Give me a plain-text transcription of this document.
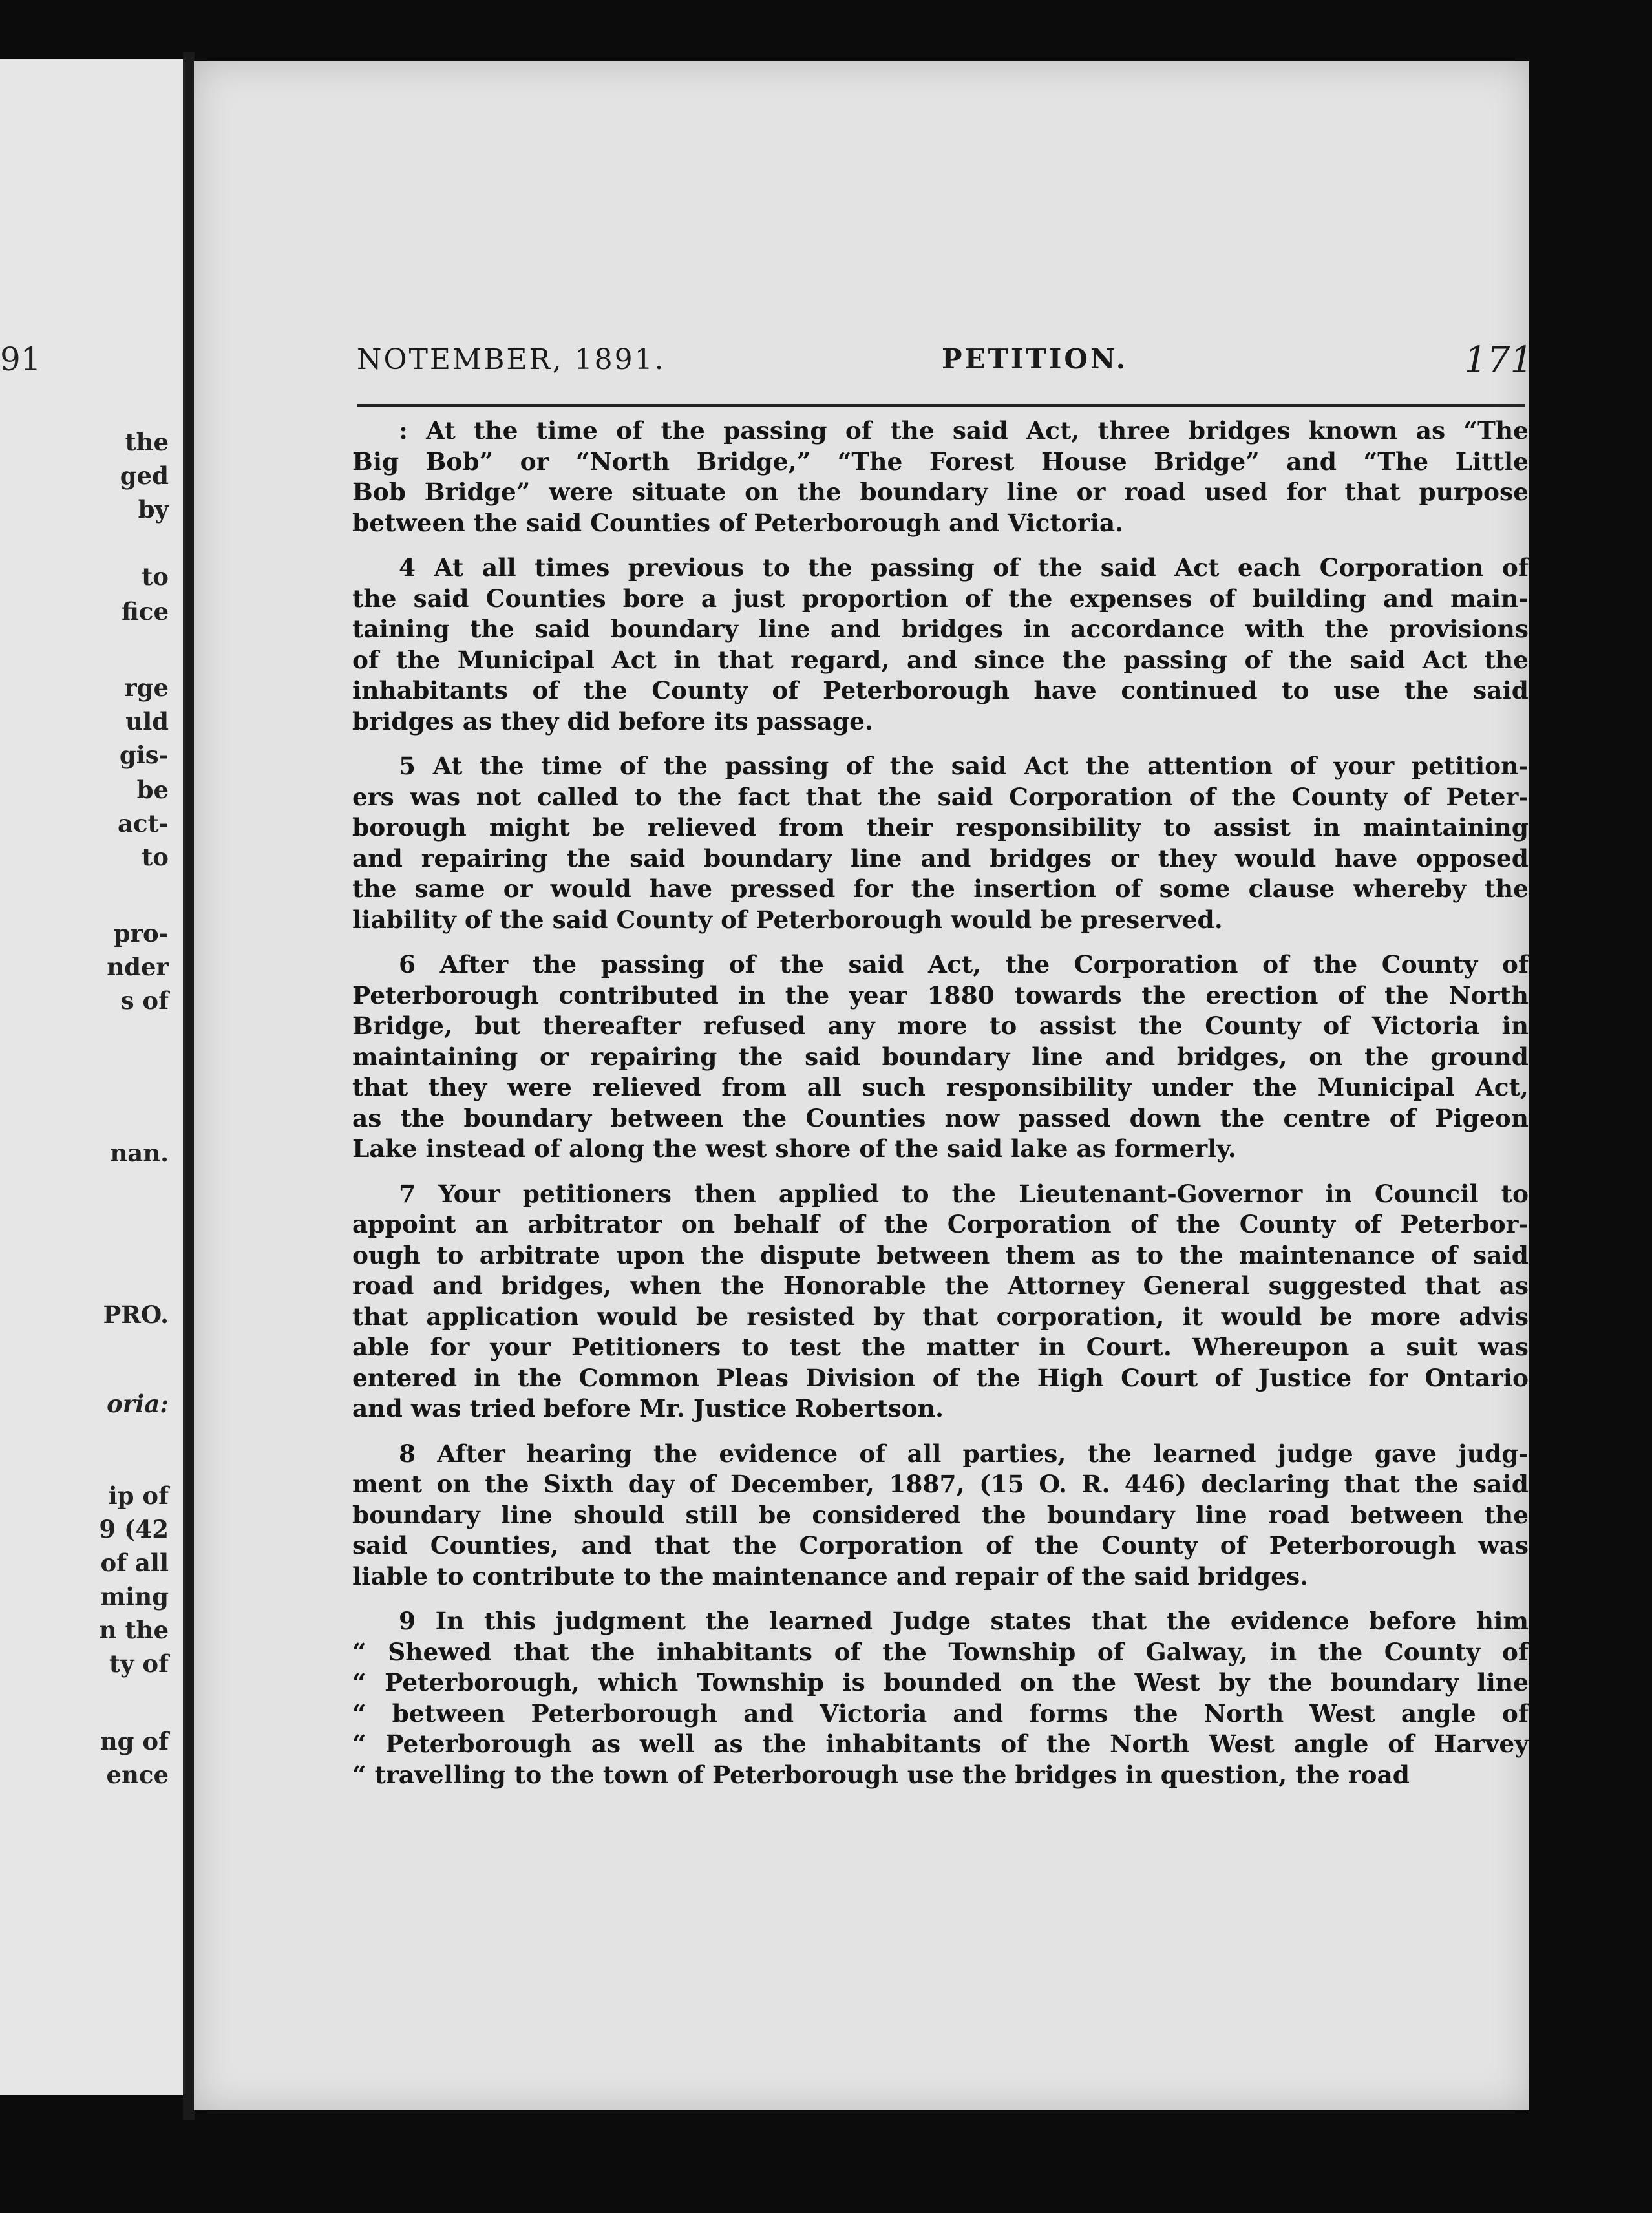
91
the
ged
by
to
fice
rge
uld
gis-
be
act-
to
pro-
nder
s of
nan.
PRO.
oria:
ip of
9 (42
of all
ming
n the
ty of
ng of
ence
NOTEMBER, 1891.	PETITION.	171
: At the time of the passing of the said Act, three bridges known as “The
Big Bob” or “North Bridge,” “The Forest House Bridge” and “The Little
Bob Bridge” were situate on the boundary line or road used for that purpose
between the said Counties of Peterborough and Victoria.
4 At all times previous to the passing of the said Act each Corporation of
the said Counties bore a just proportion of the expenses of building and main-
taining the said boundary line and bridges in accordance with the provisions
of the Municipal Act in that regard, and since the passing of the said Act the
inhabitants of the County of Peterborough have continued to use the said
bridges as they did before its passage.
5 At the time of the passing of the said Act the attention of your petition-
ers was not called to the fact that the said Corporation of the County of Peter-
borough might be relieved from their responsibility to assist in maintaining
and repairing the said boundary line and bridges or they would have opposed
the same or would have pressed for the insertion of some clause whereby the
liability of the said County of Peterborough would be preserved.
6 After the passing of the said Act, the Corporation of the County of
Peterborough contributed in the year 1880 towards the erection of the North
Bridge, but thereafter refused any more to assist the County of Victoria in
maintaining or repairing the said boundary line and bridges, on the ground
that they were relieved from all such responsibility under the Municipal Act,
as the boundary between the Counties now passed down the centre of Pigeon
Lake instead of along the west shore of the said lake as formerly.
7 Your petitioners then applied to the Lieutenant-Governor in Council to
appoint an arbitrator on behalf of the Corporation of the County of Peterbor-
ough to arbitrate upon the dispute between them as to the maintenance of said
road and bridges, when the Honorable the Attorney General suggested that as
that application would be resisted by that corporation, it would be more advis
able for your Petitioners to test the matter in Court. Whereupon a suit was
entered in the Common Pleas Division of the High Court of Justice for Ontario
and was tried before Mr. Justice Robertson.
8 After hearing the evidence of all parties, the learned judge gave judg-
ment on the Sixth day of December, 1887, (15 O. R. 446) declaring that the said
boundary line should still be considered the boundary line road between the
said Counties, and that the Corporation of the County of Peterborough was
liable to contribute to the maintenance and repair of the said bridges.
9 In this judgment the learned Judge states that the evidence before him
“ Shewed that the inhabitants of the Township of Galway, in the County of
“ Peterborough, which Township is bounded on the West by the boundary line
“ between Peterborough and Victoria and forms the North West angle of
“ Peterborough as well as the inhabitants of the North West angle of Harvey
“ travelling to the town of Peterborough use the bridges in question, the road
